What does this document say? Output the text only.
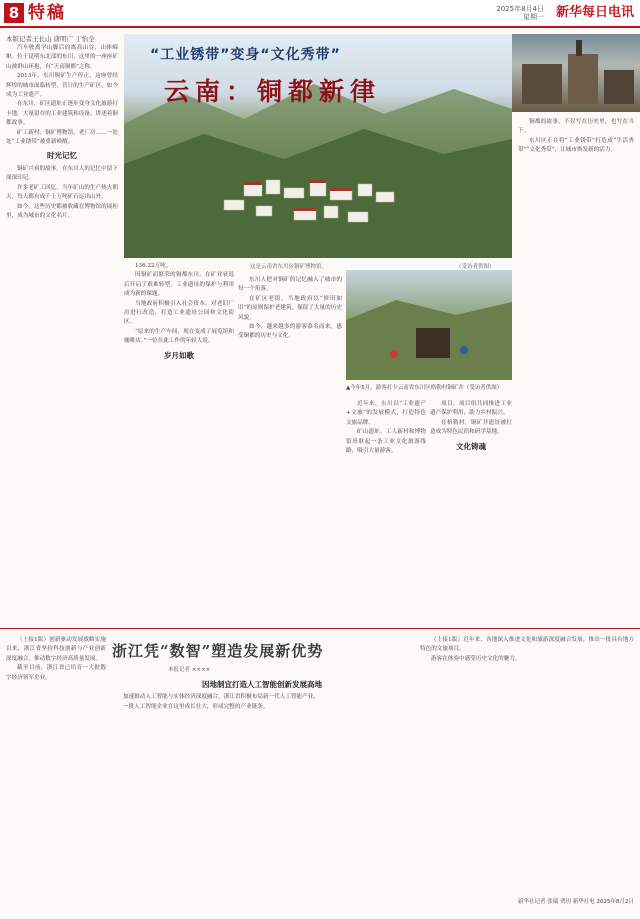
8 特稿	2025年8月4日
星期一 新华每日电讯
本版记者王长山 唐明广 丁怡全

汽车驶离学山脚后的离高山谷，山体崎岖。位于昆明东北部的东川，这里的一座座矿山被群山环抱，有“天南铜都”之称。

2013年，东川铜矿生产停止，这座曾经辉煌的城市面临转型。昔日的生产矿区，如今成为工业遗产。

在东川，矿区遗址正逐步变身文化旅游打卡地。大量留存的工业建筑和设备，讲述着铜都故事。

矿工新村、铜矿博物馆、老厂房……一处处“工业锈带”被重新唤醒。

时光记忆

铜矿兴衰的故事，在东川人的记忆中留下深深印记。

许多老矿工回忆，当年矿山的生产热火朝天，每天都有成千上万吨矿石运出山外。

如今，这些历史都被收藏在博物馆的展柜里，成为城市的文化名片。

“工业锈带”变身“文化秀带”
云南：铜都新律
这是云南省东川区铜矿博物馆。	（受访者供图）

136.22万吨。

因铜矿而繁荣的铜都东川，在矿业衰退后开启了艰难转型。工业遗址的保护与利用成为新的课题。

当地政府积极引入社会资本，对老旧厂房进行改造，打造工业遗址公园和文化街区。

“原来的生产车间，现在变成了展览馆和咖啡店。”一位在此工作的年轻人说。

岁月如歌

东川人把对铜矿的记忆融入了城市的每一个角落。

在矿区老街，当地政府以“修旧如旧”的原则保护老建筑，保留了大量的历史风貌。

如今，越来越多的游客慕名而来，感受铜都的历史与文化。

▲今年5月，游客打卡云南省东川区格勒村铜矿井（受访者供图）

近年来，东川以“工业遗产+文旅”的发展模式，打造特色文旅品牌。

矿山遗址、工人新村和博物馆串联起一条工业文化旅游线路，吸引大量游客。

项目、项目组共同推进工业遗产保护利用，助力乡村振兴。

在格勒村，铜矿井遗址被打造成为特色民宿和研学基地。

文化铸魂

铜都的故事，不仅写在历史里，也写在当下。

东川区正在将“工业锈带”打造成“生活秀带”“文化秀带”，让城市焕发新的活力。

（上接1版）创新驱动发展战略实施以来，浙江省坚持科技创新与产业创新深度融合，推动数字经济高质量发展。

截至目前，浙江省已培育一大批数字经济领军企业。

浙江凭“数智”塑造发展新优势
本报记者 ××××
因地制宜打造人工智能创新发展高地

加速推动人工智能与实体经济深度融合，浙江省积极布局新一代人工智能产业。

一批人工智能企业在这里成长壮大，形成完整的产业链条。

（上接1版）近年来，各地深入推进文化和旅游深度融合发展，推出一批具有地方特色的文旅项目。

游客在体验中感受历史文化的魅力。

新华社记者 张瑞 贾玥 新华社电 2025年8月2日
